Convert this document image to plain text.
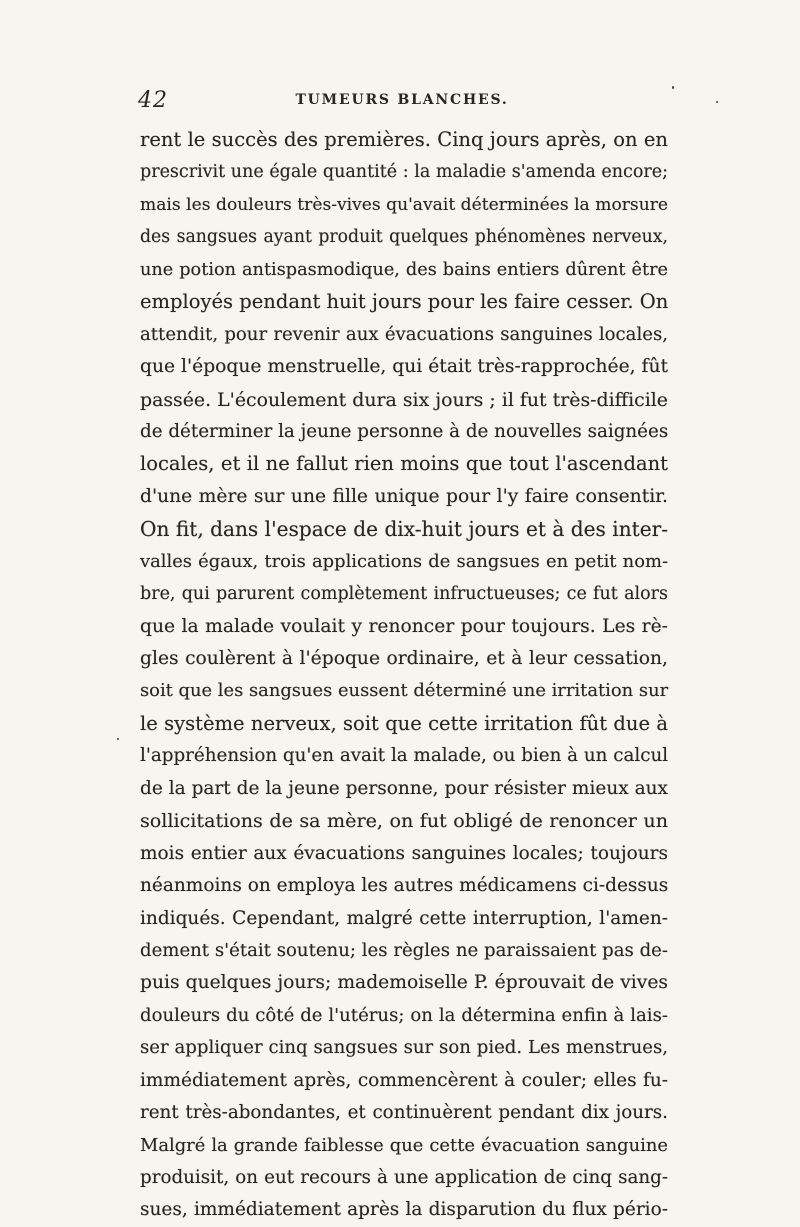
42	TUMEURS BLANCHES.
rent le succès des premières. Cinq jours après, on en
prescrivit une égale quantité : la maladie s'amenda encore;
mais les douleurs très-vives qu'avait déterminées la morsure
des sangsues ayant produit quelques phénomènes nerveux,
une potion antispasmodique, des bains entiers dûrent être
employés pendant huit jours pour les faire cesser. On
attendit, pour revenir aux évacuations sanguines locales,
que l'époque menstruelle, qui était très-rapprochée, fût
passée. L'écoulement dura six jours ; il fut très-difficile
de déterminer la jeune personne à de nouvelles saignées
locales, et il ne fallut rien moins que tout l'ascendant
d'une mère sur une fille unique pour l'y faire consentir.
On fit, dans l'espace de dix-huit jours et à des inter-
valles égaux, trois applications de sangsues en petit nom-
bre, qui parurent complètement infructueuses; ce fut alors
que la malade voulait y renoncer pour toujours. Les rè-
gles coulèrent à l'époque ordinaire, et à leur cessation,
soit que les sangsues eussent déterminé une irritation sur
le système nerveux, soit que cette irritation fût due à
l'appréhension qu'en avait la malade, ou bien à un calcul
de la part de la jeune personne, pour résister mieux aux
sollicitations de sa mère, on fut obligé de renoncer un
mois entier aux évacuations sanguines locales; toujours
néanmoins on employa les autres médicamens ci-dessus
indiqués. Cependant, malgré cette interruption, l'amen-
dement s'était soutenu; les règles ne paraissaient pas de-
puis quelques jours; mademoiselle P. éprouvait de vives
douleurs du côté de l'utérus; on la détermina enfin à lais-
ser appliquer cinq sangsues sur son pied. Les menstrues,
immédiatement après, commencèrent à couler; elles fu-
rent très-abondantes, et continuèrent pendant dix jours.
Malgré la grande faiblesse que cette évacuation sanguine
produisit, on eut recours à une application de cinq sang-
sues, immédiatement après la disparution du flux pério-
